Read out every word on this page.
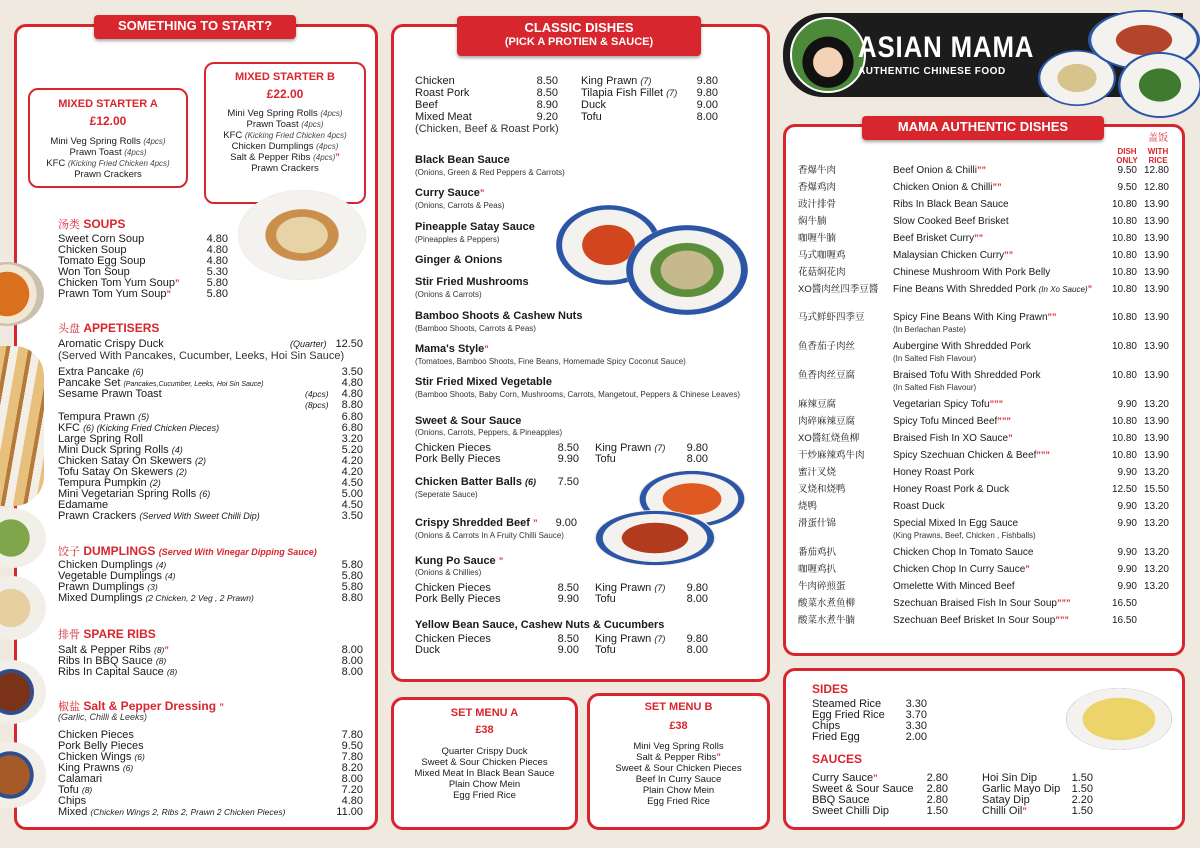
SOMETHING TO START?
MIXED STARTER A
£12.00
Mini Veg Spring Rolls (4pcs)
Prawn Toast (4pcs)
KFC (Kicking Fried Chicken 4pcs)
Prawn Crackers
MIXED STARTER B
£22.00
Mini Veg Spring Rolls (4pcs)
Prawn Toast (4pcs)
KFC (Kicking Fried Chicken 4pcs)
Chicken Dumplings (4pcs)
Salt & Pepper Ribs (4pcs)”
Prawn Crackers
汤类 SOUPS
Sweet Corn Soup	4.80
Chicken Soup	4.80
Tomato Egg Soup	4.80
Won Ton Soup	5.30
Chicken Tom Yum Soup ”	5.80
Prawn Tom Yum Soup ”	5.80
头盘 APPETISERS
Aromatic Crispy Duck	(Quarter) 12.50
(Served With Pancakes, Cucumber, Leeks, Hoi Sin Sauce)
Extra Pancake (6)	3.50
Pancake Set (Pancakes,Cucumber, Leeks, Hoi Sin Sauce)	4.80
Sesame Prawn Toast	(4pcs)	4.80
(8pcs)	8.80
Tempura Prawn (5)	6.80
KFC (6) (Kicking Fried Chicken Pieces)	6.80
Large Spring Roll	3.20
Mini Duck Spring Rolls (4)	5.20
Chicken Satay On Skewers (2)	4.20
Tofu Satay On Skewers (2)	4.20
Tempura Pumpkin (2)	4.50
Mini Vegetarian Spring Rolls (6)	5.00
Edamame	4.50
Prawn Crackers (Served With Sweet Chilli Dip)	3.50
饺子 DUMPLINGS (Served With Vinegar Dipping Sauce)
Chicken Dumplings (4)	5.80
Vegetable Dumplings (4)	5.80
Prawn Dumplings (3)	5.80
Mixed Dumplings (2 Chicken, 2 Veg , 2 Prawn)	8.80
排骨 SPARE RIBS
Salt & Pepper Ribs (8) ”	8.00
Ribs In BBQ Sauce (8)	8.00
Ribs In Capital Sauce (8)	8.00
椒盐 Salt & Pepper Dressing ”
(Garlic, Chilli & Leeks)
Chicken Pieces	7.80
Pork Belly Pieces	9.50
Chicken Wings (6)	7.80
King Prawns (6)	8.20
Calamari	8.00
Tofu (8)	7.20
Chips	4.80
Mixed (Chicken Wings 2, Ribs 2, Prawn 2 Chicken Pieces)	11.00
CLASSIC DISHES
(PICK A PROTIEN & SAUCE)
Chicken	8.50
Roast Pork	8.50
Beef	8.90
Mixed Meat	9.20
(Chicken, Beef & Roast Pork)
King Prawn (7)	9.80
Tilapia Fish Fillet (7)	9.80
Duck	9.00
Tofu	8.00
Black Bean Sauce
(Onions, Green & Red Peppers & Carrots)
Curry Sauce”
(Onions, Carrots & Peas)
Pineapple Satay Sauce
(Pineapples & Peppers)
Ginger & Onions
Stir Fried Mushrooms
(Onions & Carrots)
Bamboo Shoots & Cashew Nuts
(Bamboo Shoots, Carrots & Peas)
Mama's Style”
(Tomatoes, Bamboo Shoots, Fine Beans, Homemade Spicy Coconut Sauce)
Stir Fried Mixed Vegetable
(Bamboo Shoots, Baby Corn, Mushrooms, Carrots, Mangetout, Peppers & Chinese Leaves)
Sweet & Sour Sauce
(Onions, Carrots, Peppers, & Pineapples)
Chicken Pieces	8.50 King Prawn (7)	9.80
Pork Belly Pieces	9.90 Tofu	8.00
Chicken Batter Balls (6)	7.50
(Seperate Sauce)
Crispy Shredded Beef ”	9.00
(Onions & Carrots In A Fruity Chilli Sauce)
Kung Po Sauce ”
(Onions & Chillies)
Chicken Pieces	8.50 King Prawn (7)	9.80
Pork Belly Pieces	9.90 Tofu	8.00
Yellow Bean Sauce, Cashew Nuts & Cucumbers
Chicken Pieces	8.50 King Prawn (7)	9.80
Duck	9.00 Tofu	8.00
SET MENU A
£38
Quarter Crispy Duck
Sweet & Sour Chicken Pieces
Mixed Meat In Black Bean Sauce
Plain Chow Mein
Egg Fried Rice
SET MENU B
£38
Mini Veg Spring Rolls
Salt & Pepper Ribs”
Sweet & Sour Chicken Pieces
Beef In Curry Sauce
Plain Chow Mein
Egg Fried Rice
ASIAN MAMA
AUTHENTIC CHINESE FOOD
MAMA AUTHENTIC DISHES
盖饭
DISH ONLY
WITH RICE
香爆牛肉	Beef Onion & Chilli ” ”	9.50 12.80
香爆鸡肉	Chicken Onion & Chilli ” ”	9.50 12.80
豉汁排骨	Ribs In Black Bean Sauce	10.80 13.90
焖牛腩	Slow Cooked Beef Brisket	10.80 13.90
咖喱牛腩	Beef Brisket Curry ” ”	10.80 13.90
马式咖喱鸡	Malaysian Chicken Curry ” ”	10.80 13.90
花菇焖花肉	Chinese Mushroom With Pork Belly	10.80 13.90
XO醬肉丝四季豆醬 Fine Beans With Shredded Pork (In Xo Sauce) ”	10.80 13.90
马式鲜虾四季豆	Spicy Fine Beans With King Prawn ” ”	10.80 13.90
(In Berlachan Paste)
鱼香茄子肉丝	Aubergine With Shredded Pork	10.80 13.90
(In Salted Fish Flavour)
鱼香肉丝豆腐	Braised Tofu With Shredded Pork	10.80 13.90
(In Salted Fish Flavour)
麻辣豆腐	Vegetarian Spicy Tofu ” ” ”	9.90 13.20
肉碎麻辣豆腐	Spicy Tofu Minced Beef ” ” ”	10.80 13.90
XO醬紅烧鱼柳	Braised Fish In XO Sauce ”	10.80 13.90
干炒麻辣鸡牛肉	Spicy Szechuan Chicken & Beef ” ” ”	10.80 13.90
蜜汁叉烧	Honey Roast Pork	9.90 13.20
叉烧和烧鸭	Honey Roast Pork & Duck	12.50 15.50
烧鸭	Roast Duck	9.90 13.20
滑蛋什锦	Special Mixed In Egg Sauce	9.90 13.20
(King Prawns, Beef, Chicken , Fishballs)
番茄鸡扒	Chicken Chop In Tomato Sauce	9.90 13.20
咖喱鸡扒	Chicken Chop In Curry Sauce ”	9.90 13.20
牛肉碎煎蛋	Omelette With Minced Beef	9.90 13.20
酸菜水煮鱼柳	Szechuan Braised Fish In Sour Soup ” ” ”	16.50
酸菜水煮牛腩	Szechuan Beef Brisket In Sour Soup ” ” ”	16.50
SIDES
Steamed Rice	3.30
Egg Fried Rice	3.70
Chips	3.30
Fried Egg	2.00
SAUCES
Curry Sauce ”	2.80
Sweet & Sour Sauce	2.80
BBQ Sauce	2.80
Sweet Chilli Dip	1.50
Hoi Sin Dip	1.50
Garlic Mayo Dip	1.50
Satay Dip	2.20
Chilli Oil ”	1.50
